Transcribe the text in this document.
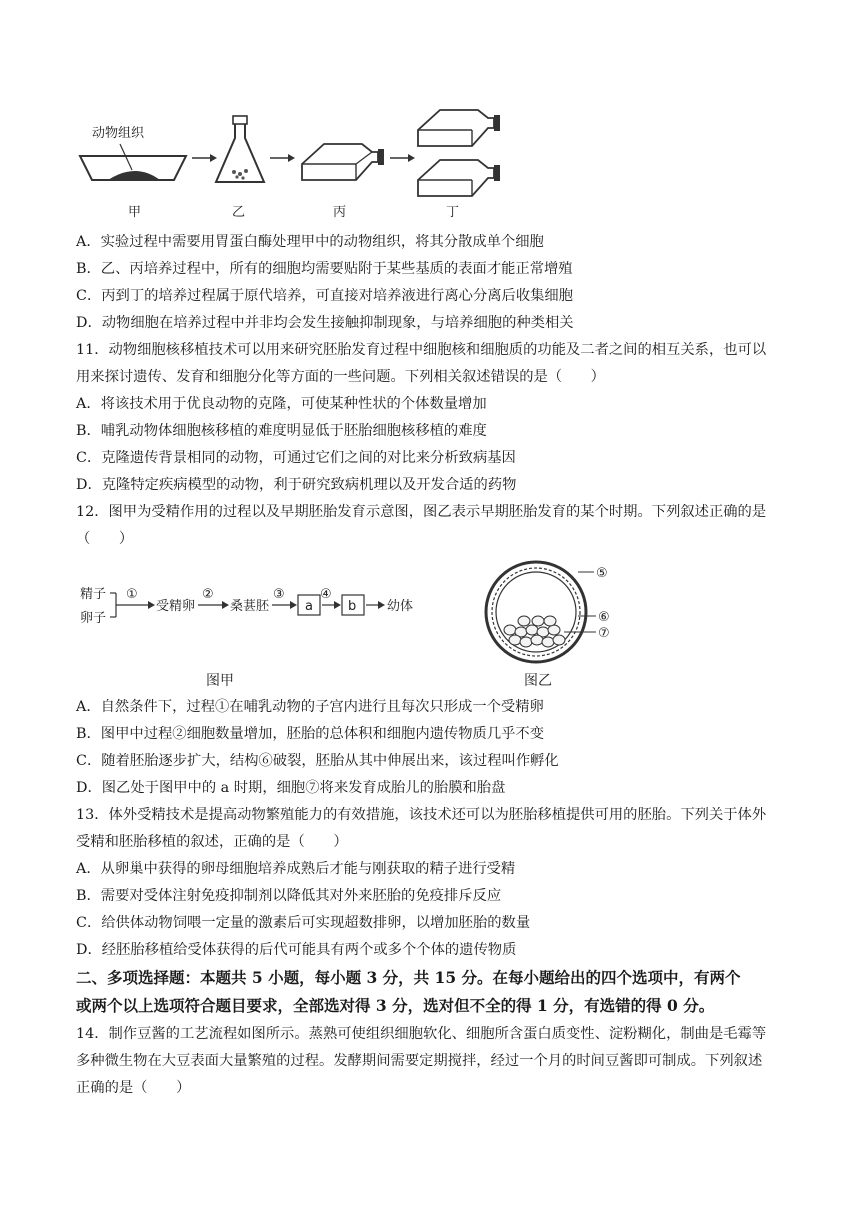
动物组织
甲	乙	丙	丁
A．实验过程中需要用胃蛋白酶处理甲中的动物组织，将其分散成单个细胞
B．乙、丙培养过程中，所有的细胞均需要贴附于某些基质的表面才能正常增殖
C．丙到丁的培养过程属于原代培养，可直接对培养液进行离心分离后收集细胞
D．动物细胞在培养过程中并非均会发生接触抑制现象，与培养细胞的种类相关
11．动物细胞核移植技术可以用来研究胚胎发育过程中细胞核和细胞质的功能及二者之间的相互关系，也可以
用来探讨遗传、发育和细胞分化等方面的一些问题。下列相关叙述错误的是（　　）
A．将该技术用于优良动物的克隆，可使某种性状的个体数量增加
B．哺乳动物体细胞核移植的难度明显低于胚胎细胞核移植的难度
C．克隆遗传背景相同的动物，可通过它们之间的对比来分析致病基因
D．克隆特定疾病模型的动物，利于研究致病机理以及开发合适的药物
12．图甲为受精作用的过程以及早期胚胎发育示意图，图乙表示早期胚胎发育的某个时期。下列叙述正确的是
（　　）
精子
卵子
①
受精卵
②
桑葚胚
③
a
④
b 幼体
⑤
⑥
⑦
图甲	图乙
A．自然条件下，过程①在哺乳动物的子宫内进行且每次只形成一个受精卵
B．图甲中过程②细胞数量增加，胚胎的总体积和细胞内遗传物质几乎不变
C．随着胚胎逐步扩大，结构⑥破裂，胚胎从其中伸展出来，该过程叫作孵化
D．图乙处于图甲中的 a 时期，细胞⑦将来发育成胎儿的胎膜和胎盘
13．体外受精技术是提高动物繁殖能力的有效措施，该技术还可以为胚胎移植提供可用的胚胎。下列关于体外
受精和胚胎移植的叙述，正确的是（　　）
A．从卵巢中获得的卵母细胞培养成熟后才能与刚获取的精子进行受精
B．需要对受体注射免疫抑制剂以降低其对外来胚胎的免疫排斥反应
C．给供体动物饲喂一定量的激素后可实现超数排卵，以增加胚胎的数量
D．经胚胎移植给受体获得的后代可能具有两个或多个个体的遗传物质
二、多项选择题：本题共 5 小题，每小题 3 分，共 15 分。在每小题给出的四个选项中，有两个
或两个以上选项符合题目要求，全部选对得 3 分，选对但不全的得 1 分，有选错的得 0 分。
14．制作豆酱的工艺流程如图所示。蒸熟可使组织细胞软化、细胞所含蛋白质变性、淀粉糊化，制曲是毛霉等
多种微生物在大豆表面大量繁殖的过程。发酵期间需要定期搅拌，经过一个月的时间豆酱即可制成。下列叙述
正确的是（　　）
